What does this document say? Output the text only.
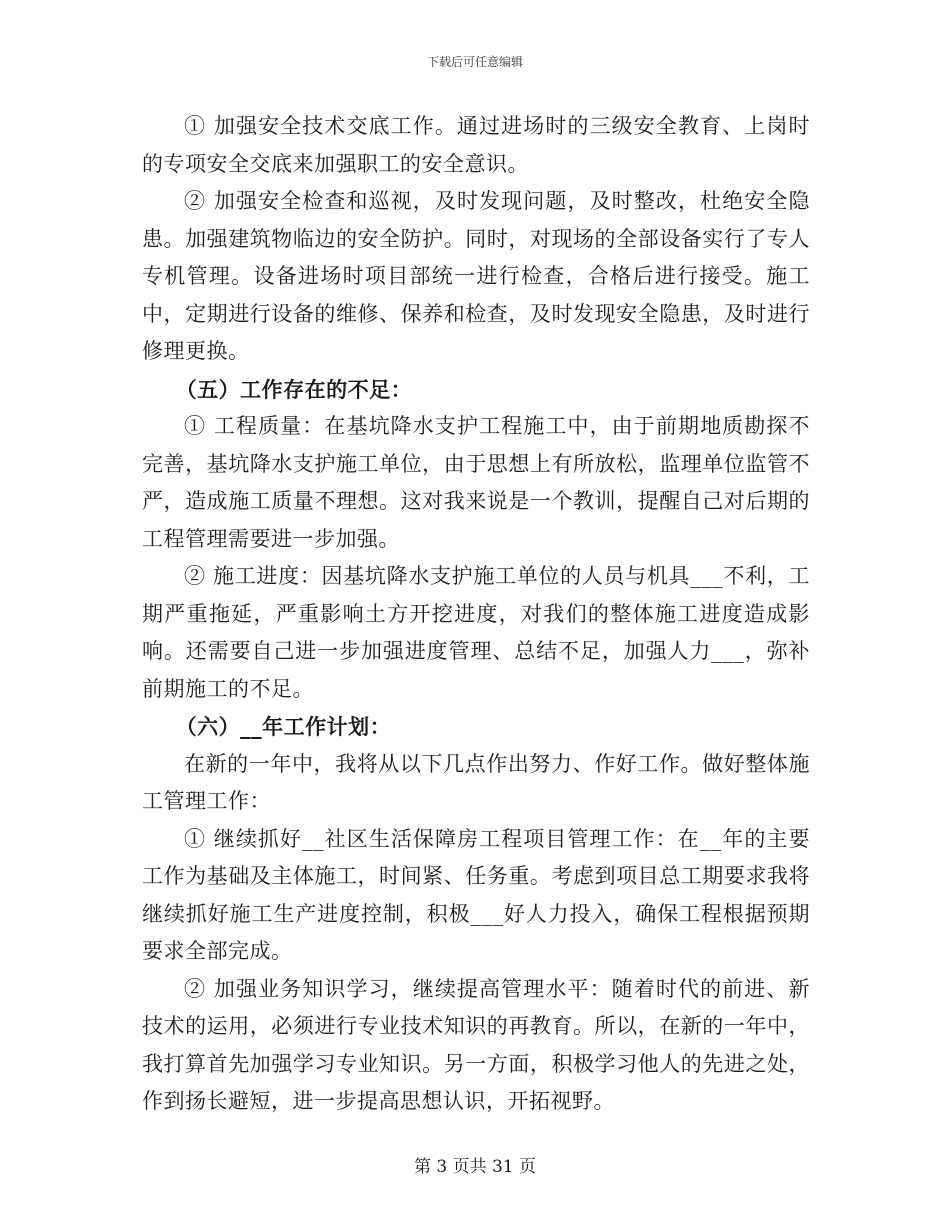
下载后可任意编辑

① 加强安全技术交底工作。通过进场时的三级安全教育、上岗时的专项安全交底来加强职工的安全意识。

② 加强安全检查和巡视，及时发现问题，及时整改，杜绝安全隐患。加强建筑物临边的安全防护。同时，对现场的全部设备实行了专人专机管理。设备进场时项目部统一进行检查，合格后进行接受。施工中，定期进行设备的维修、保养和检查，及时发现安全隐患，及时进行修理更换。

（五）工作存在的不足：

① 工程质量：在基坑降水支护工程施工中，由于前期地质勘探不完善，基坑降水支护施工单位，由于思想上有所放松，监理单位监管不严，造成施工质量不理想。这对我来说是一个教训，提醒自己对后期的工程管理需要进一步加强。

② 施工进度：因基坑降水支护施工单位的人员与机具___不利，工期严重拖延，严重影响土方开挖进度，对我们的整体施工进度造成影响。还需要自己进一步加强进度管理、总结不足，加强人力___，弥补前期施工的不足。

（六）__年工作计划：

在新的一年中，我将从以下几点作出努力、作好工作。做好整体施工管理工作：

① 继续抓好__社区生活保障房工程项目管理工作：在__年的主要工作为基础及主体施工，时间紧、任务重。考虑到项目总工期要求我将继续抓好施工生产进度控制，积极___好人力投入，确保工程根据预期要求全部完成。

② 加强业务知识学习，继续提高管理水平：随着时代的前进、新技术的运用，必须进行专业技术知识的再教育。所以，在新的一年中，我打算首先加强学习专业知识。另一方面，积极学习他人的先进之处，作到扬长避短，进一步提高思想认识，开拓视野。

第 3 页共 31 页
